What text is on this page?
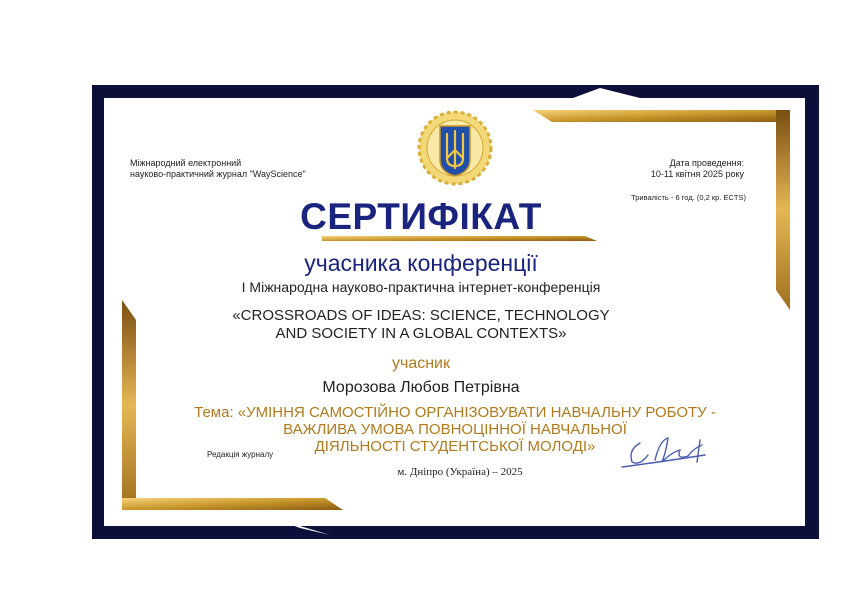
Міжнародний електронний
науково-практичний журнал "WayScience"
Дата проведення:
10-11 квітня 2025 року
Тривалість - 6 год. (0,2 кр. ECTS)
СЕРТИФІКАТ
учасника конференції
І Міжнародна науково-практична інтернет-конференція
«CROSSROADS OF IDEAS: SCIENCE, TECHNOLOGY
AND SOCIETY IN A GLOBAL CONTEXTS»
учасник
Морозова Любов Петрівна
Тема: «УМІННЯ САМОСТІЙНО ОРГАНІЗОВУВАТИ НАВЧАЛЬНУ РОБОТУ -
ВАЖЛИВА УМОВА ПОВНОЦІННОЇ НАВЧАЛЬНОЇ
ДІЯЛЬНОСТІ СТУДЕНТСЬКОЇ МОЛОДІ»
Редакція журналу
м. Дніпро (Україна) – 2025
